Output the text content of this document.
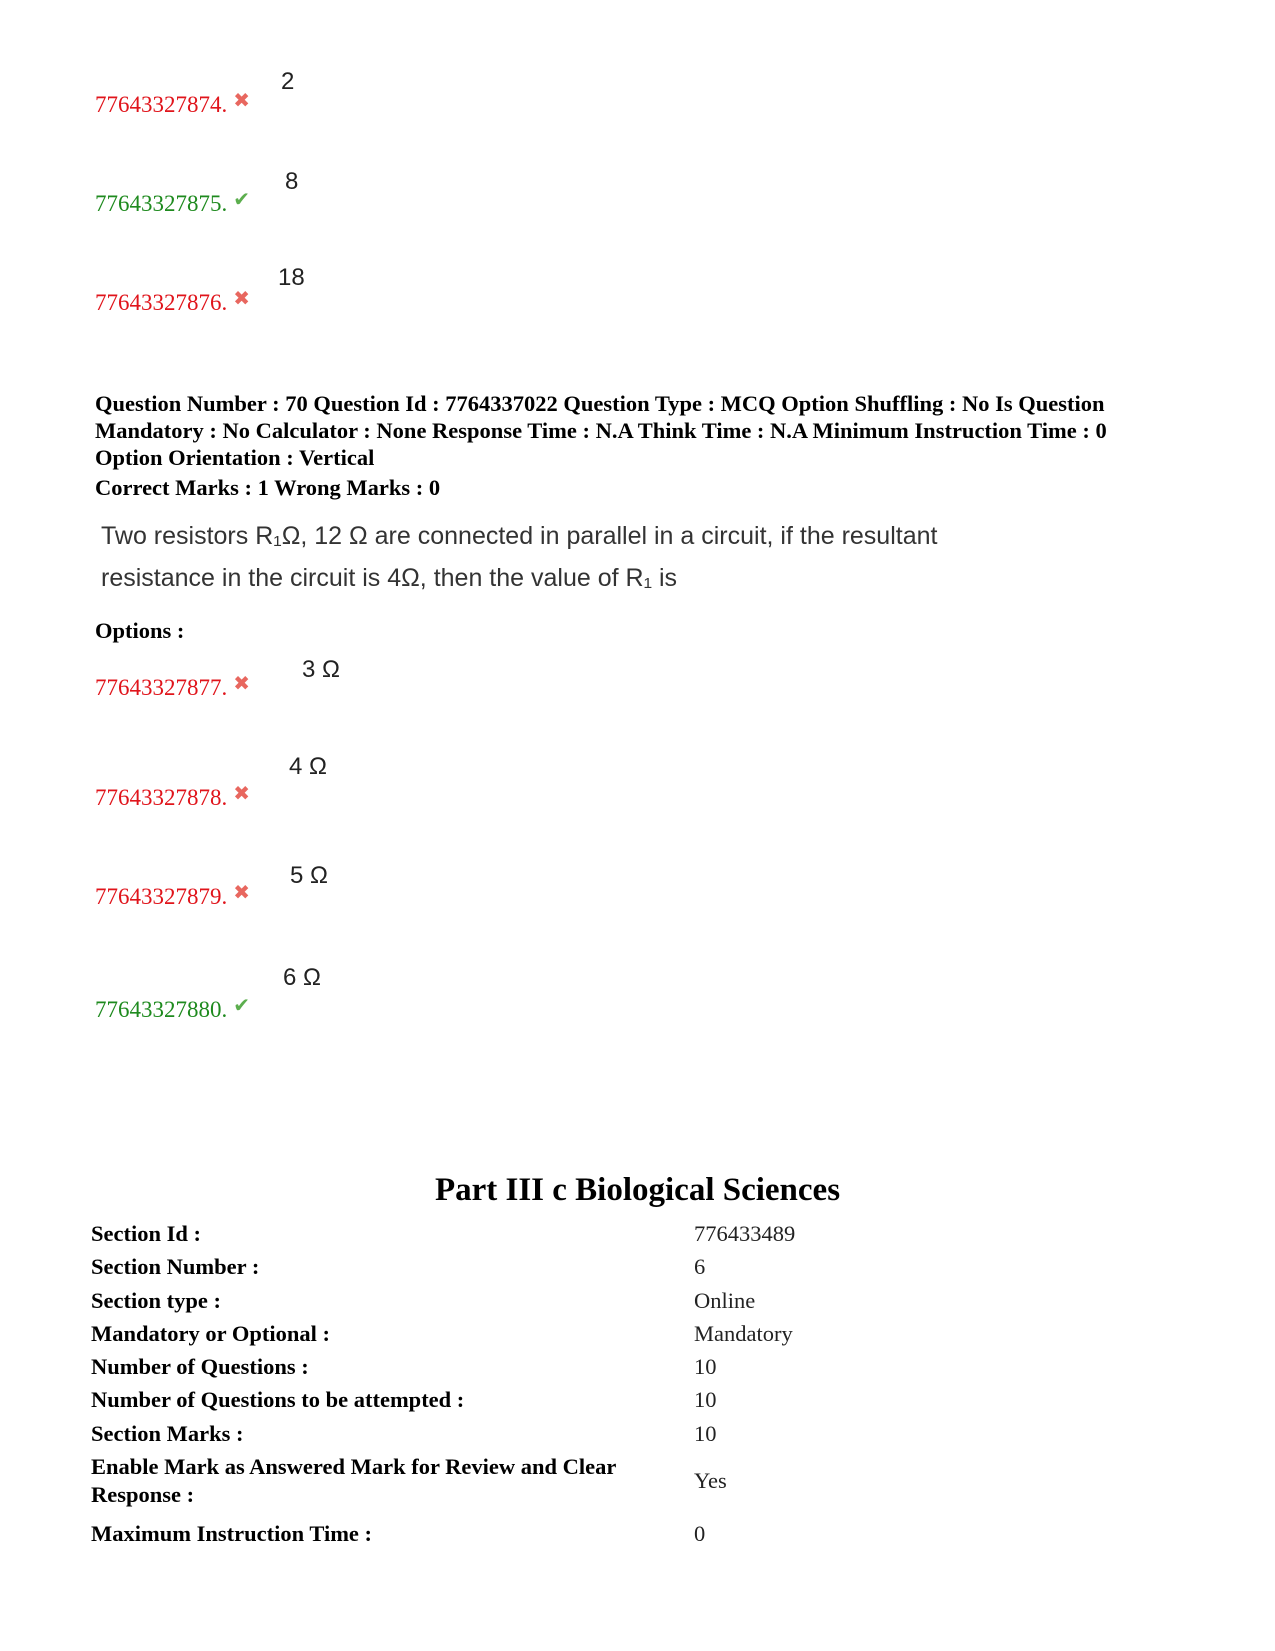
2
77643327874. ✖
8
77643327875. ✔
18
77643327876. ✖
Question Number : 70 Question Id : 7764337022 Question Type : MCQ Option Shuffling : No Is Question Mandatory : No Calculator : None Response Time : N.A Think Time : N.A Minimum Instruction Time : 0 Option Orientation : Vertical
Correct Marks : 1 Wrong Marks : 0
Two resistors R₁Ω, 12 Ω are connected in parallel in a circuit, if the resultant
resistance in the circuit is 4Ω, then the value of R₁ is
Options :
3 Ω
77643327877. ✖
4 Ω
77643327878. ✖
5 Ω
77643327879. ✖
6 Ω
77643327880. ✔
Part III c Biological Sciences
Section Id :	776433489
Section Number :	6
Section type :	Online
Mandatory or Optional :	Mandatory
Number of Questions :	10
Number of Questions to be attempted :	10
Section Marks :	10
Enable Mark as Answered Mark for Review and Clear Response :
Yes
Maximum Instruction Time :	0
